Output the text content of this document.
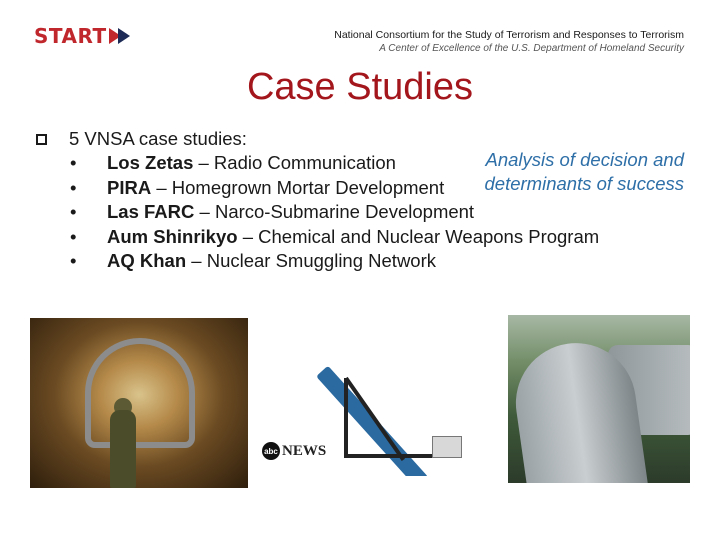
START	National Consortium for the Study of Terrorism and Responses to Terrorism
A Center of Excellence of the U.S. Department of Homeland Security
Case Studies
5 VNSA case studies:
•	Los Zetas – Radio Communication
•	PIRA – Homegrown Mortar Development
•	Las FARC – Narco-Submarine Development
•	Aum Shinrikyo – Chemical and Nuclear Weapons Program
•	AQ Khan – Nuclear Smuggling Network
Analysis of decision and
determinants of success
abc NEWS
